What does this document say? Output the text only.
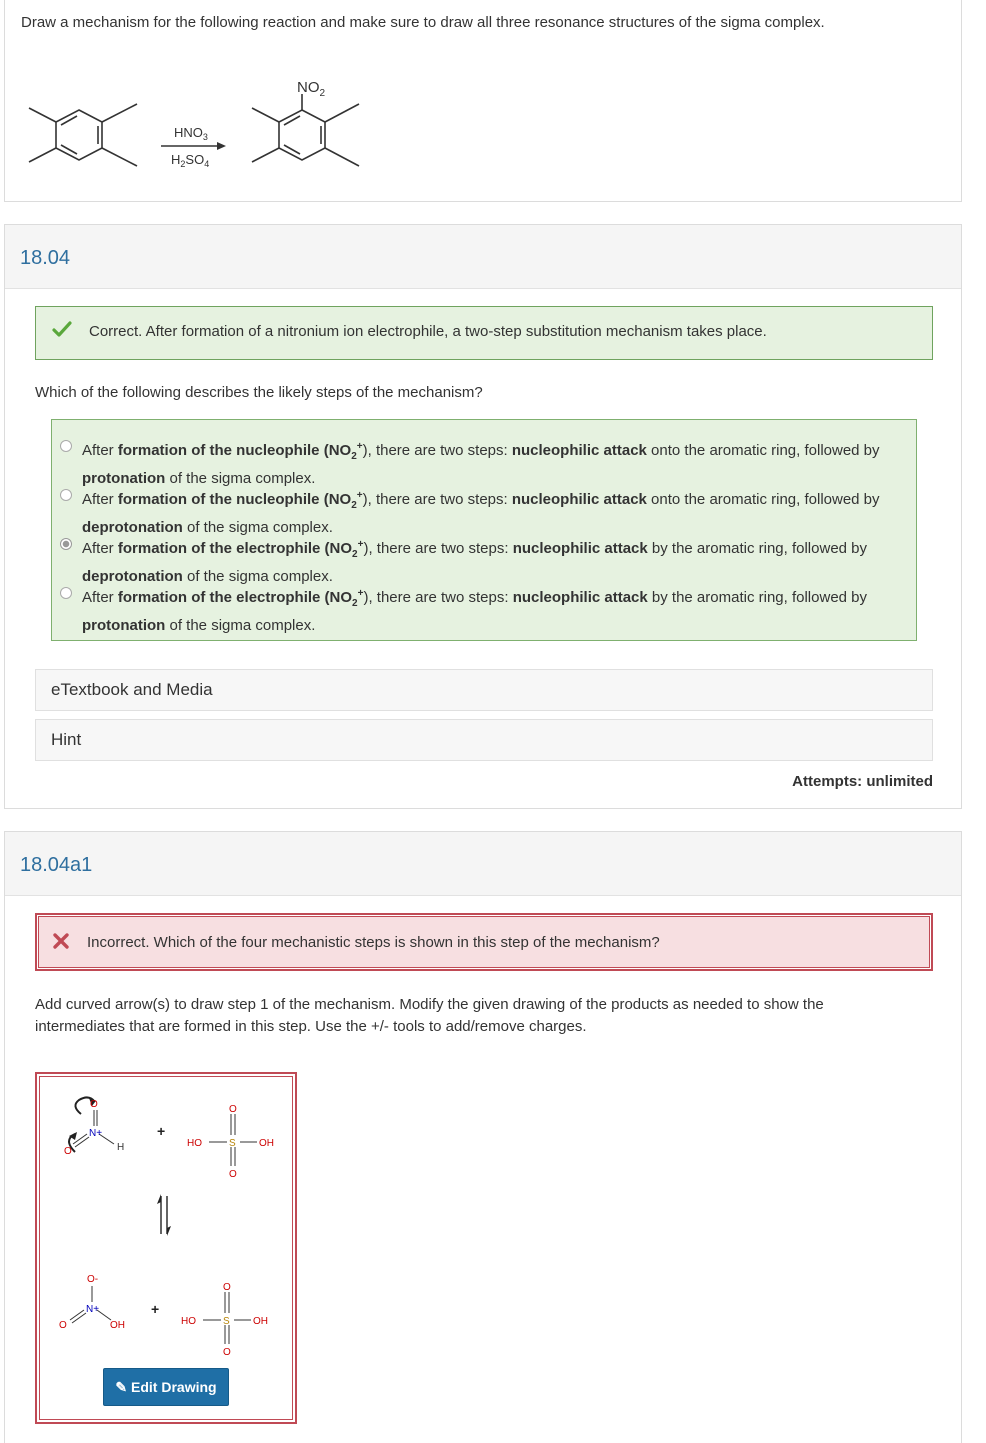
Draw a mechanism for the following reaction and make sure to draw all three resonance structures of the sigma complex.
$HNO_3$
$H_2SO_4$
$NO_2$
18.04
Correct. After formation of a nitronium ion electrophile, a two-step substitution mechanism takes place.
Which of the following describes the likely steps of the mechanism?
After formation of the nucleophile $(NO_2^+)$, there are two steps: nucleophilic attack onto the aromatic ring, followed by protonation of the sigma complex.
After formation of the nucleophile $(NO_2^+)$, there are two steps: nucleophilic attack onto the aromatic ring, followed by deprotonation of the sigma complex.
After formation of the electrophile $(NO_2^+)$, there are two steps: nucleophilic attack by the aromatic ring, followed by deprotonation of the sigma complex.
After formation of the electrophile $(NO_2^+)$, there are two steps: nucleophilic attack by the aromatic ring, followed by protonation of the sigma complex.
eTextbook and Media
Hint
Attempts: unlimited
18.04a1
Incorrect. Which of the four mechanistic steps is shown in this step of the mechanism?
Add curved arrow(s) to draw step 1 of the mechanism. Modify the given drawing of the products as needed to show the
intermediates that are formed in this step. Use the +/- tools to add/remove charges.
O
N+
H
O
+
O
HO	S OH
O
O-
N+
O	OH
+
O
HO	S OH
O
✎ Edit Drawing
